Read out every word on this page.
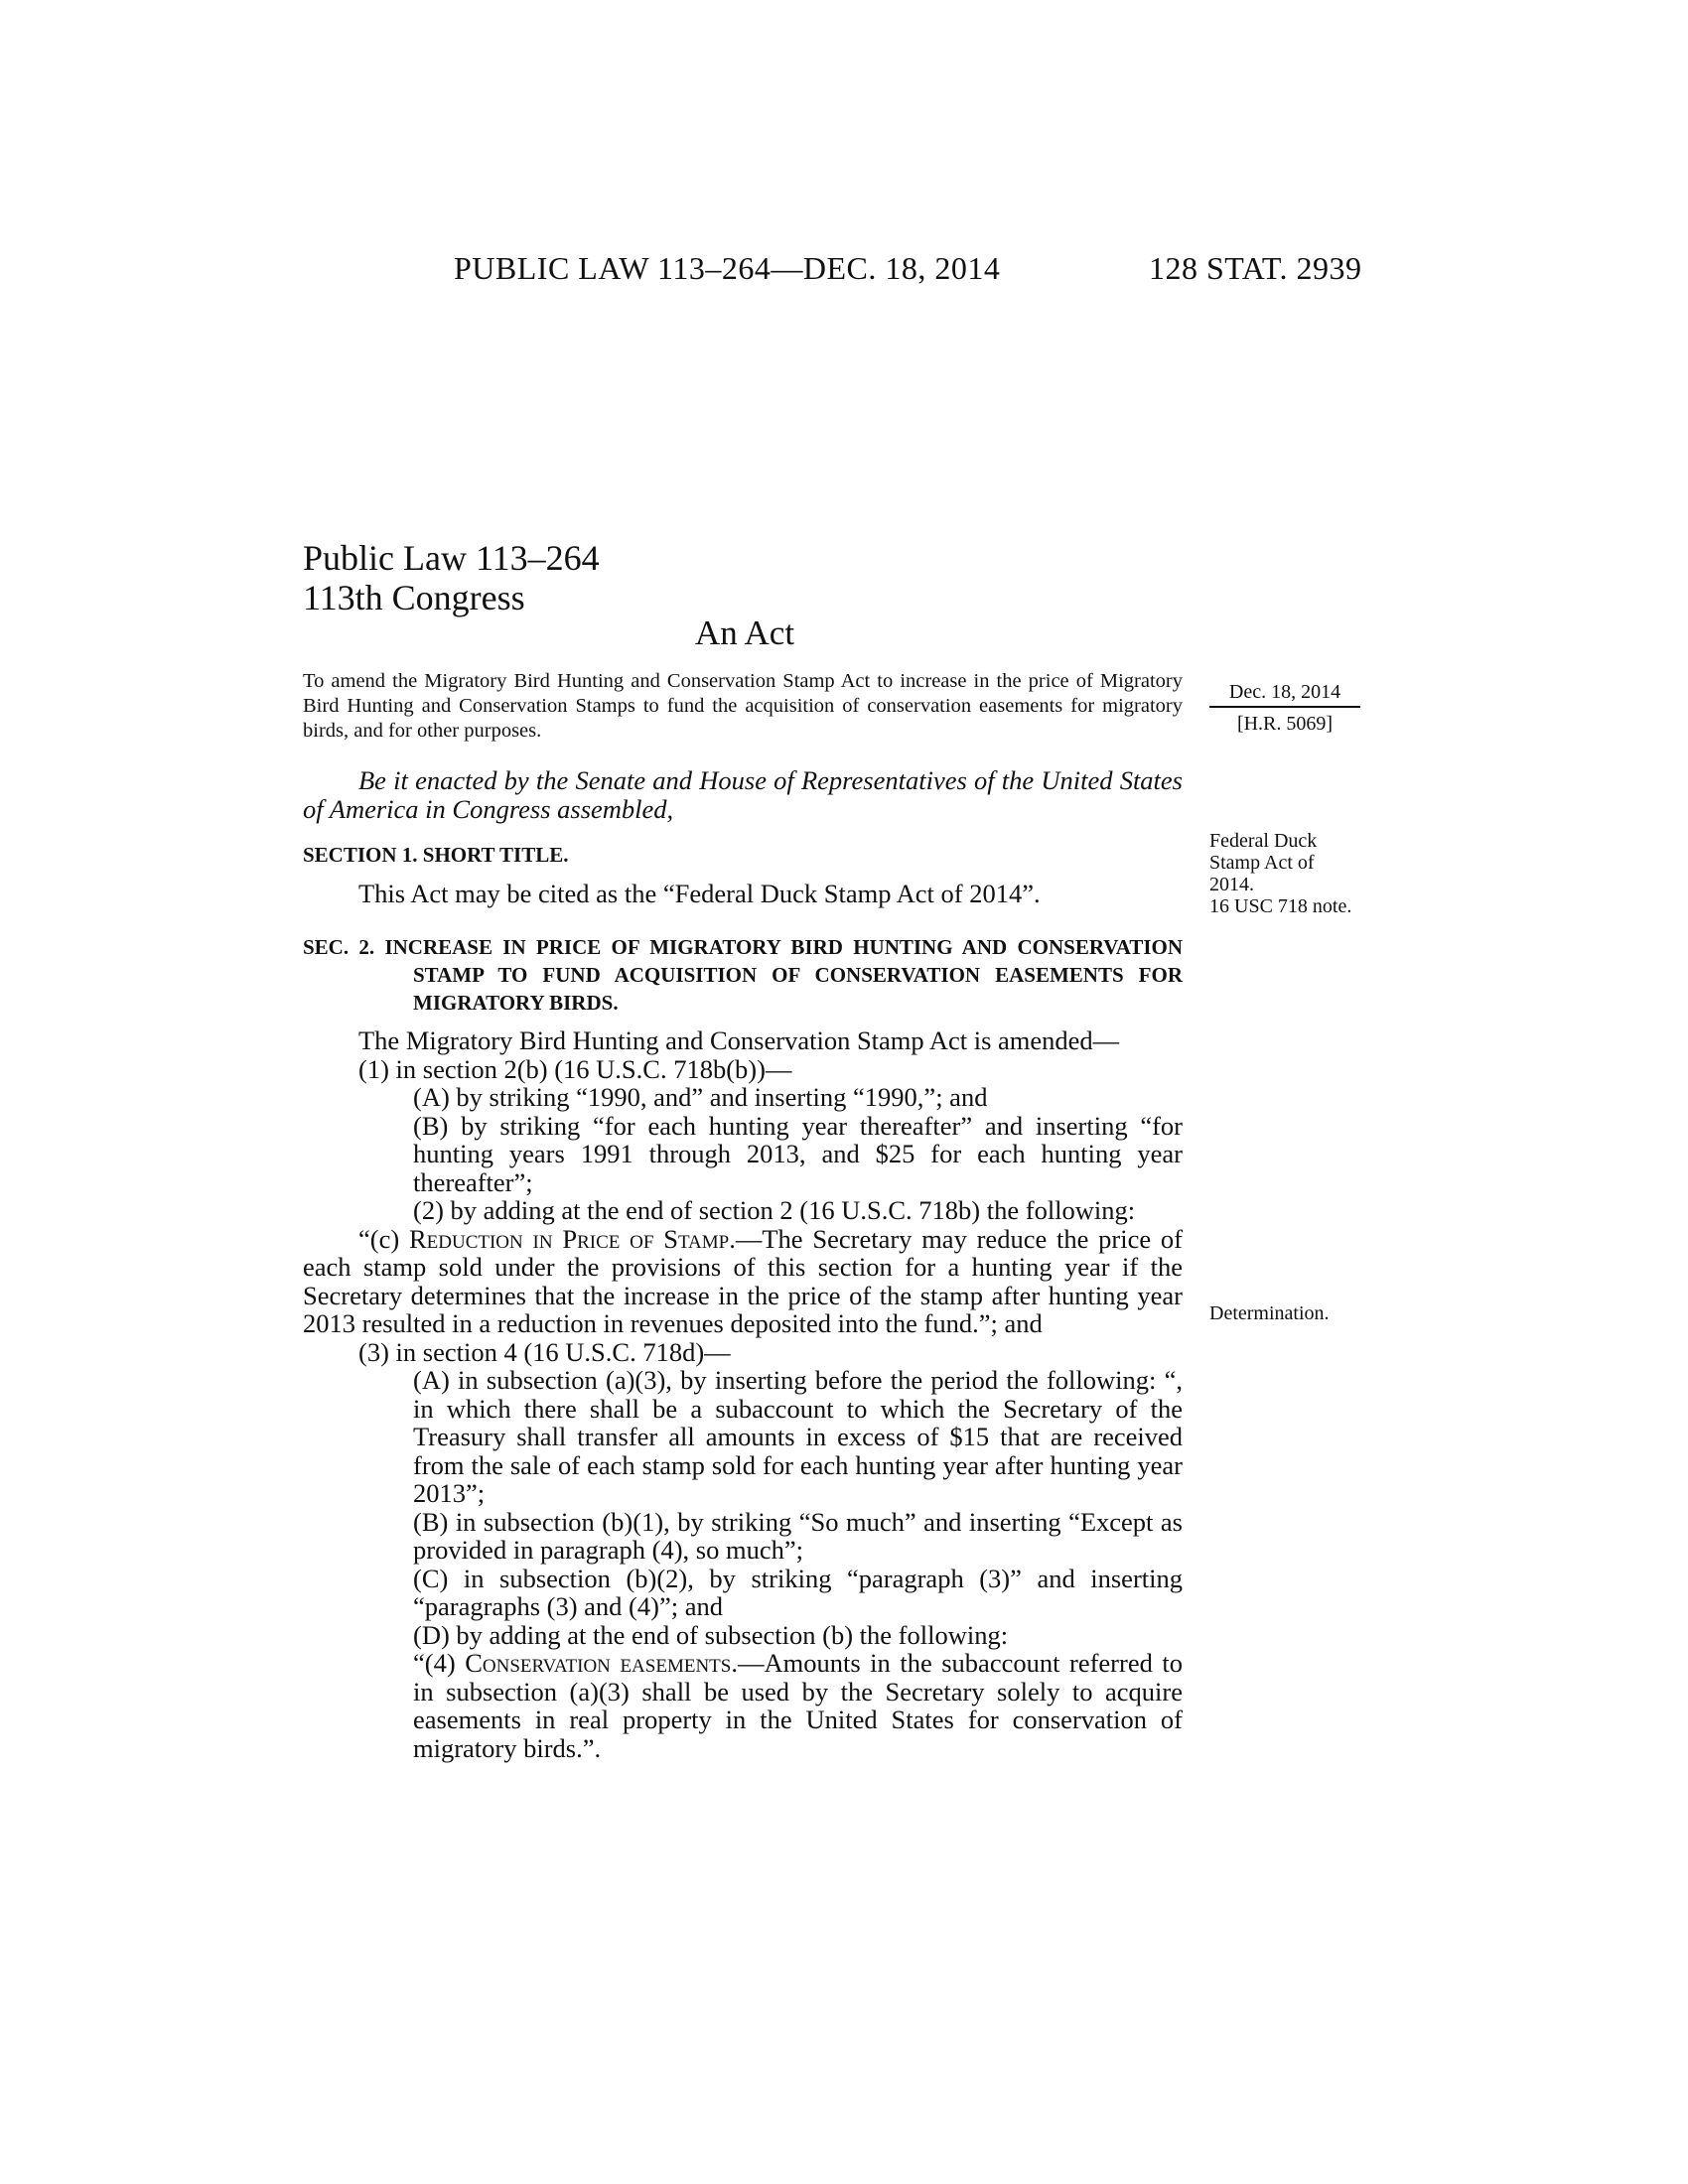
PUBLIC LAW 113–264—DEC. 18, 2014	128 STAT. 2939
Public Law 113–264
113th Congress
An Act
To amend the Migratory Bird Hunting and Conservation Stamp Act to increase in the price of Migratory Bird Hunting and Conservation Stamps to fund the acquisition of conservation easements for migratory birds, and for other purposes.
Dec. 18, 2014
[H.R. 5069]
Federal Duck Stamp Act of 2014.
16 USC 718 note.
Determination.

Be it enacted by the Senate and House of Representatives of the United States of America in Congress assembled,

SECTION 1. SHORT TITLE.

This Act may be cited as the “Federal Duck Stamp Act of 2014”.

SEC. 2. INCREASE IN PRICE OF MIGRATORY BIRD HUNTING AND CONSERVATION STAMP TO FUND ACQUISITION OF CONSERVATION EASEMENTS FOR MIGRATORY BIRDS.

The Migratory Bird Hunting and Conservation Stamp Act is amended—

(1) in section 2(b) (16 U.S.C. 718b(b))—

(A) by striking “1990, and” and inserting “1990,”; and

(B) by striking “for each hunting year thereafter” and inserting “for hunting years 1991 through 2013, and $25 for each hunting year thereafter”;

(2) by adding at the end of section 2 (16 U.S.C. 718b) the following:

“(c) Reduction in Price of Stamp.—The Secretary may reduce the price of each stamp sold under the provisions of this section for a hunting year if the Secretary determines that the increase in the price of the stamp after hunting year 2013 resulted in a reduction in revenues deposited into the fund.”; and

(3) in section 4 (16 U.S.C. 718d)—

(A) in subsection (a)(3), by inserting before the period the following: “, in which there shall be a subaccount to which the Secretary of the Treasury shall transfer all amounts in excess of $15 that are received from the sale of each stamp sold for each hunting year after hunting year 2013”;

(B) in subsection (b)(1), by striking “So much” and inserting “Except as provided in paragraph (4), so much”;

(C) in subsection (b)(2), by striking “paragraph (3)” and inserting “paragraphs (3) and (4)”; and

(D) by adding at the end of subsection (b) the following:

“(4) Conservation easements.—Amounts in the subaccount referred to in subsection (a)(3) shall be used by the Secretary solely to acquire easements in real property in the United States for conservation of migratory birds.”.
